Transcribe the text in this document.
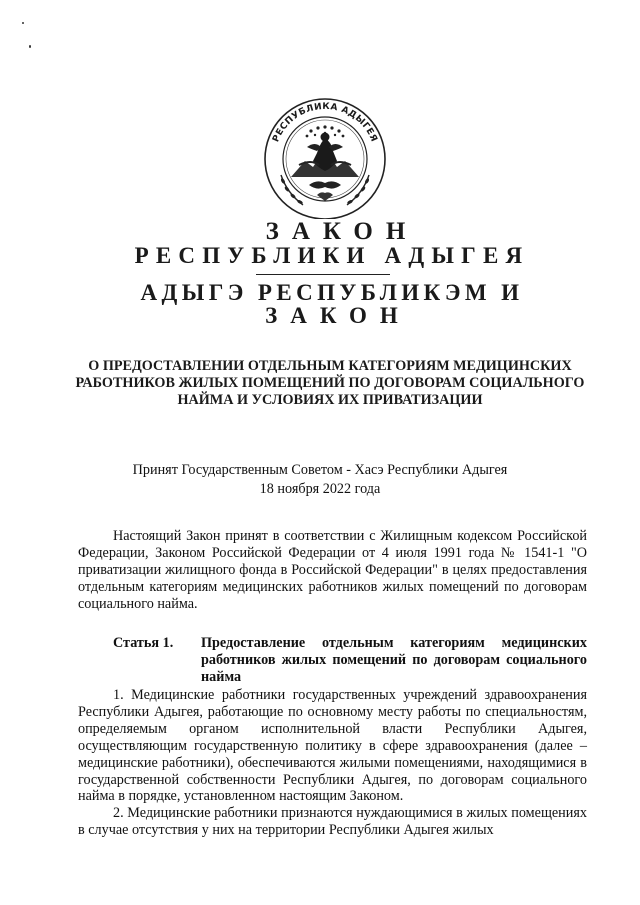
РЕСПУБЛИКА АДЫГЕЯ
ЗАКОН
РЕСПУБЛИКИ АДЫГЕЯ
АДЫГЭ РЕСПУБЛИКЭМ И
ЗАКОН
О ПРЕДОСТАВЛЕНИИ ОТДЕЛЬНЫМ КАТЕГОРИЯМ МЕДИЦИНСКИХ РАБОТНИКОВ ЖИЛЫХ ПОМЕЩЕНИЙ ПО ДОГОВОРАМ СОЦИАЛЬНОГО НАЙМА И УСЛОВИЯХ ИХ ПРИВАТИЗАЦИИ
Принят Государственным Советом - Хасэ Республики Адыгея
18 ноября 2022 года

Настоящий Закон принят в соответствии с Жилищным кодексом Российской Федерации, Законом Российской Федерации от 4 июля 1991 года № 1541-1 "О приватизации жилищного фонда в Российской Федерации" в целях предоставления отдельным категориям медицинских работников жилых помещений по договорам социального найма.

Статья 1. Предоставление отдельным категориям медицинских работников жилых помещений по договорам социального найма

1. Медицинские работники государственных учреждений здравоохранения Республики Адыгея, работающие по основному месту работы по специальностям, определяемым органом исполнительной власти Республики Адыгея, осуществляющим государственную политику в сфере здравоохранения (далее – медицинские работники), обеспечиваются жилыми помещениями, находящимися в государственной собственности Республики Адыгея, по договорам социального найма в порядке, установленном настоящим Законом.

2. Медицинские работники признаются нуждающимися в жилых помещениях в случае отсутствия у них на территории Республики Адыгея жилых
